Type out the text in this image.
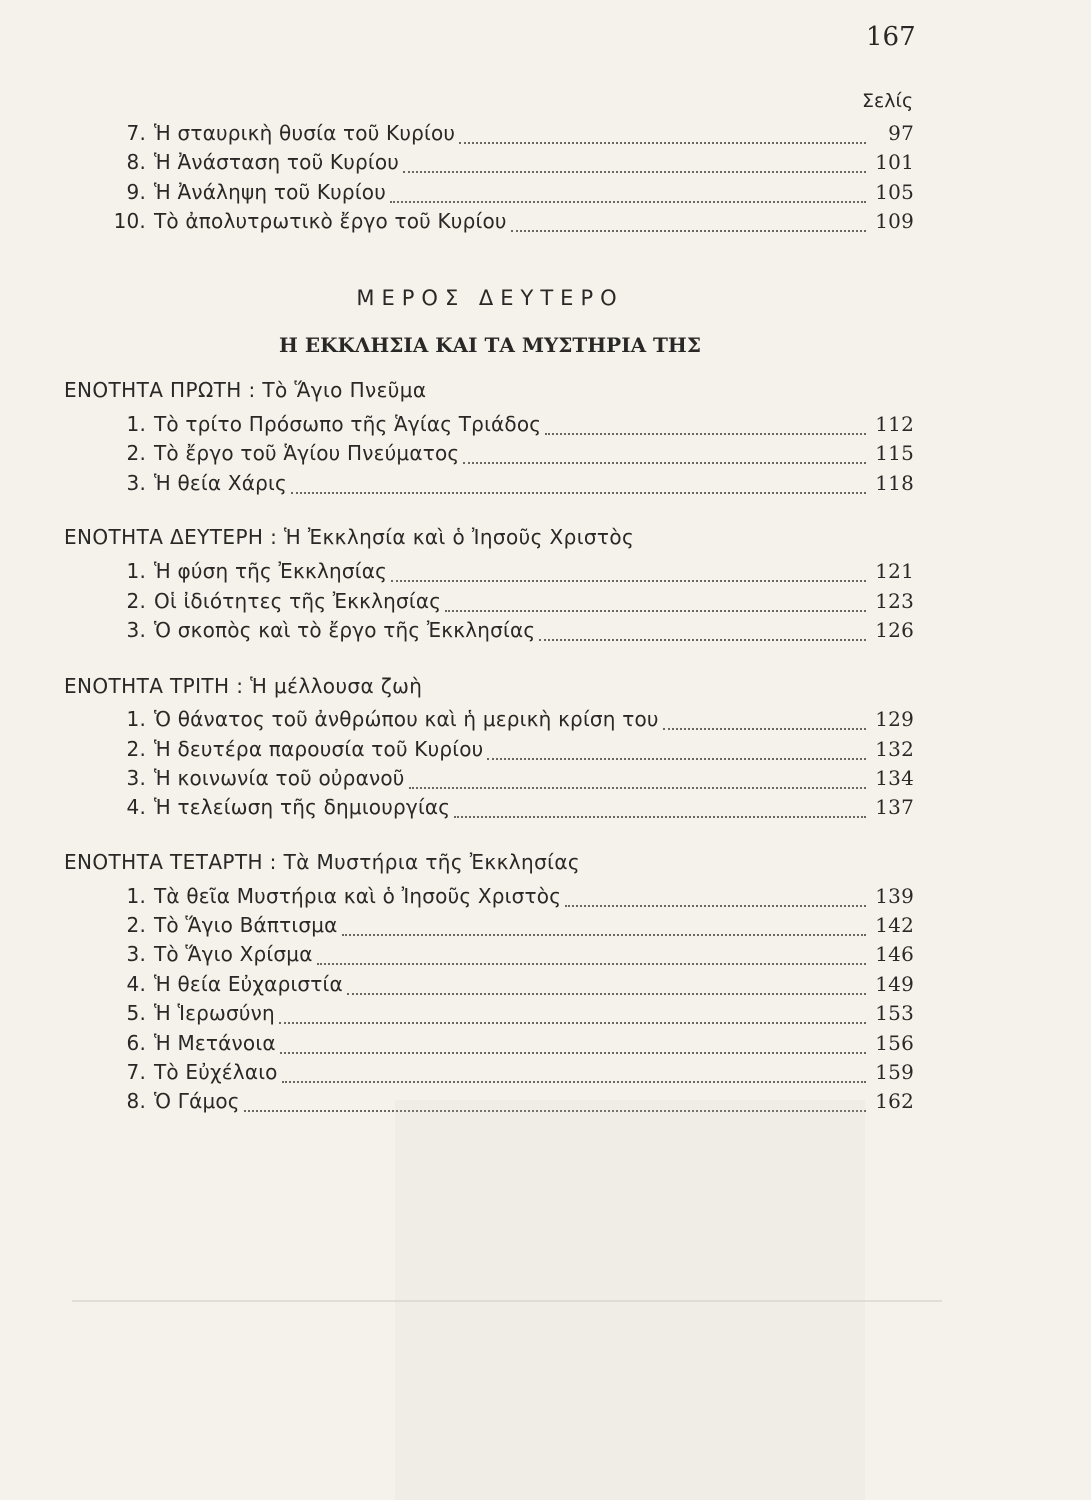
167
Σελίς
7. Ἡ σταυρικὴ θυσία τοῦ Κυρίου	97
8. Ἡ Ἀνάσταση τοῦ Κυρίου	101
9. Ἡ Ἀνάληψη τοῦ Κυρίου	105
10. Τὸ ἀπολυτρωτικὸ ἔργο τοῦ Κυρίου	109
ΜΕΡΟΣ ΔΕΥΤΕΡΟ
Η ΕΚΚΛΗΣΙΑ ΚΑΙ ΤΑ ΜΥΣΤΗΡΙΑ ΤΗΣ
ΕΝΟΤΗΤΑ ΠΡΩΤΗ : Τὸ Ἅγιο Πνεῦμα
1. Τὸ τρίτο Πρόσωπο τῆς Ἁγίας Τριάδος	112
2. Τὸ ἔργο τοῦ Ἁγίου Πνεύματος	115
3. Ἡ θεία Χάρις	118
ΕΝΟΤΗΤΑ ΔΕΥΤΕΡΗ : Ἡ Ἐκκλησία καὶ ὁ Ἰησοῦς Χριστὸς
1. Ἡ φύση τῆς Ἐκκλησίας	121
2. Οἱ ἰδιότητες τῆς Ἐκκλησίας	123
3. Ὁ σκοπὸς καὶ τὸ ἔργο τῆς Ἐκκλησίας	126
ΕΝΟΤΗΤΑ ΤΡΙΤΗ : Ἡ μέλλουσα ζωὴ
1. Ὁ θάνατος τοῦ ἀνθρώπου καὶ ἡ μερικὴ κρίση του	129
2. Ἡ δευτέρα παρουσία τοῦ Κυρίου	132
3. Ἡ κοινωνία τοῦ οὐρανοῦ	134
4. Ἡ τελείωση τῆς δημιουργίας	137
ΕΝΟΤΗΤΑ ΤΕΤΑΡΤΗ : Τὰ Μυστήρια τῆς Ἐκκλησίας
1. Τὰ θεῖα Μυστήρια καὶ ὁ Ἰησοῦς Χριστὸς	139
2. Τὸ Ἅγιο Βάπτισμα	142
3. Τὸ Ἅγιο Χρίσμα	146
4. Ἡ θεία Εὐχαριστία	149
5. Ἡ Ἱερωσύνη	153
6. Ἡ Μετάνοια	156
7. Τὸ Εὐχέλαιο	159
8. Ὁ Γάμος	162
